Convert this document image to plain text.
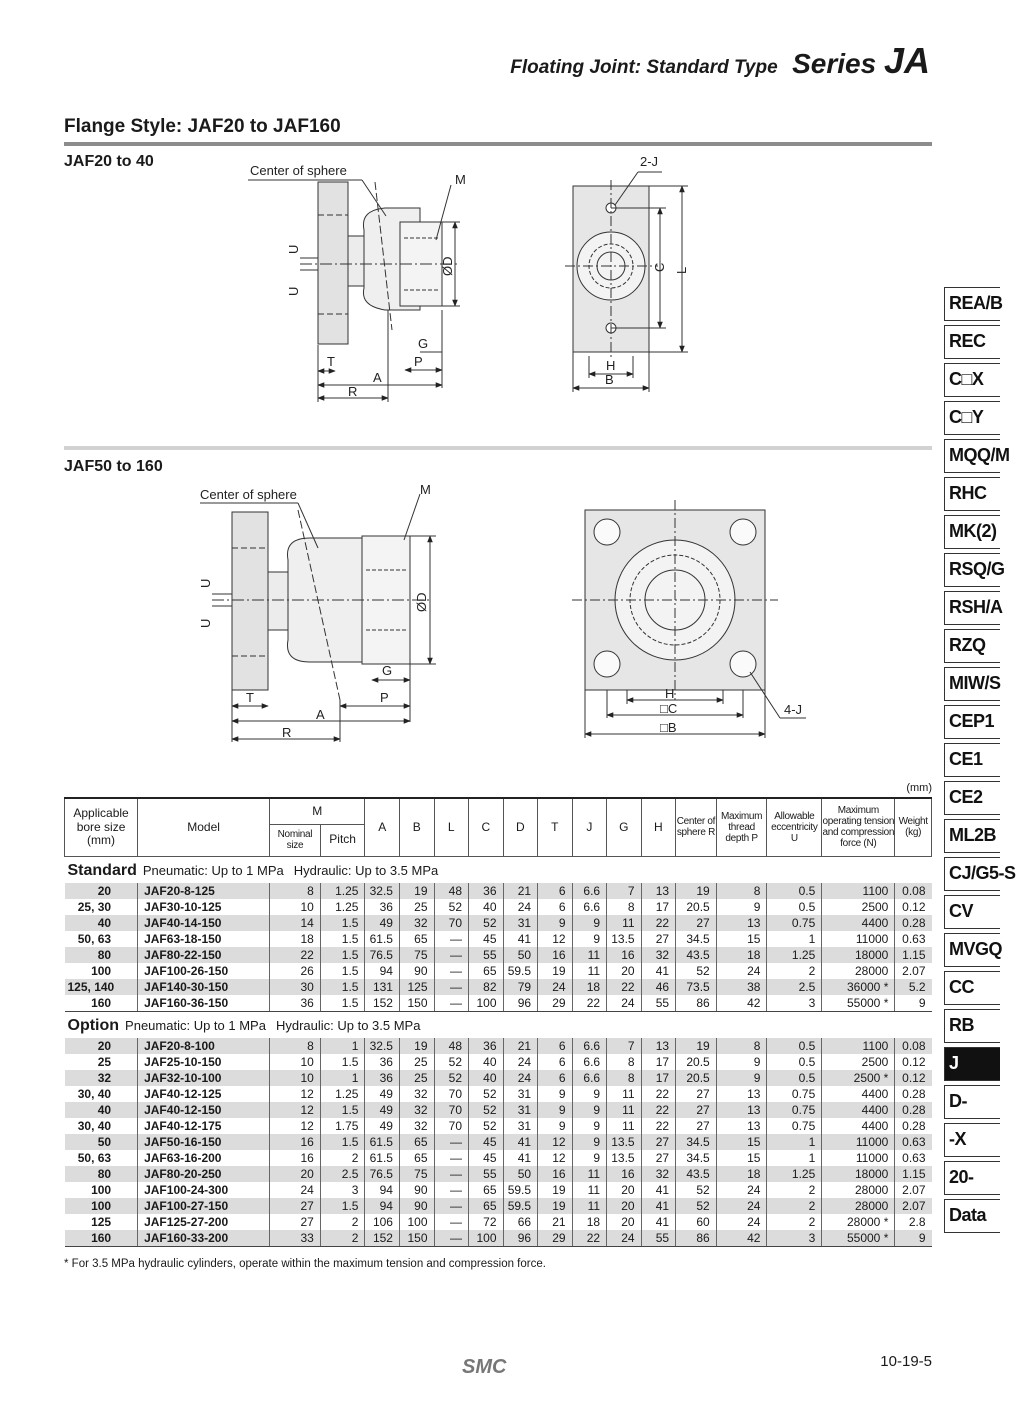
Floating Joint: Standard Type Series JA
Flange Style: JAF20 to JAF160
JAF20 to 40
JAF50 to 160
Center of sphere
M
U
U
ØD
G
T	P
A
R
2-J
C L
H
B
Center of sphere	M
U
U
ØD
G
T	P
A
R
H
□C
□B
4-J
REA/B
REC
C□X
C□Y
MQQ/M
RHC
MK(2)
RSQ/G
RSH/A
RZQ
MIW/S
CEP1
CE1
CE2
ML2B
CJ/G5-S
CV
MVGQ
CC
RB
J
D-
-X
20-
Data
(mm)
Applicable bore size (mm)	Model	M		A	B	L	C	D	T	J	G	H	Center of sphere R	Maximum thread depth P	Allowable eccentricity U	Maximum operating tension and compression force (N)	Weight (kg)
		Nominal size	Pitch														
Standard Pneumatic: Up to 1 MPa Hydraulic: Up to 3.5 MPa																	
20	JAF20-8-125	8	1.25	32.5	19	48	36	21	6	6.6	7	13	19	8	0.5	1100	0.08
25, 30	JAF30-10-125	10	1.25	36	25	52	40	24	6	6.6	8	17	20.5	9	0.5	2500	0.12
40	JAF40-14-150	14	1.5	49	32	70	52	31	9	9	11	22	27	13	0.75	4400	0.28
50, 63	JAF63-18-150	18	1.5	61.5	65	—	45	41	12	9	13.5	27	34.5	15	1	11000	0.63
80	JAF80-22-150	22	1.5	76.5	75	—	55	50	16	11	16	32	43.5	18	1.25	18000	1.15
100	JAF100-26-150	26	1.5	94	90	—	65	59.5	19	11	20	41	52	24	2	28000	2.07
125, 140	JAF140-30-150	30	1.5	131	125	—	82	79	24	18	22	46	73.5	38	2.5	36000 *	5.2
160	JAF160-36-150	36	1.5	152	150	—	100	96	29	22	24	55	86	42	3	55000 *	9
Option Pneumatic: Up to 1 MPa Hydraulic: Up to 3.5 MPa																	
20	JAF20-8-100	8	1	32.5	19	48	36	21	6	6.6	7	13	19	8	0.5	1100	0.08
25	JAF25-10-150	10	1.5	36	25	52	40	24	6	6.6	8	17	20.5	9	0.5	2500	0.12
32	JAF32-10-100	10	1	36	25	52	40	24	6	6.6	8	17	20.5	9	0.5	2500 *	0.12
30, 40	JAF40-12-125	12	1.25	49	32	70	52	31	9	9	11	22	27	13	0.75	4400	0.28
40	JAF40-12-150	12	1.5	49	32	70	52	31	9	9	11	22	27	13	0.75	4400	0.28
30, 40	JAF40-12-175	12	1.75	49	32	70	52	31	9	9	11	22	27	13	0.75	4400	0.28
50	JAF50-16-150	16	1.5	61.5	65	—	45	41	12	9	13.5	27	34.5	15	1	11000	0.63
50, 63	JAF63-16-200	16	2	61.5	65	—	45	41	12	9	13.5	27	34.5	15	1	11000	0.63
80	JAF80-20-250	20	2.5	76.5	75	—	55	50	16	11	16	32	43.5	18	1.25	18000	1.15
100	JAF100-24-300	24	3	94	90	—	65	59.5	19	11	20	41	52	24	2	28000	2.07
100	JAF100-27-150	27	1.5	94	90	—	65	59.5	19	11	20	41	52	24	2	28000	2.07
125	JAF125-27-200	27	2	106	100	—	72	66	21	18	20	41	60	24	2	28000 *	2.8
160	JAF160-33-200	33	2	152	150	—	100	96	29	22	24	55	86	42	3	55000 *	9
* For 3.5 MPa hydraulic cylinders, operate within the maximum tension and compression force.
SMC	10-19-5
